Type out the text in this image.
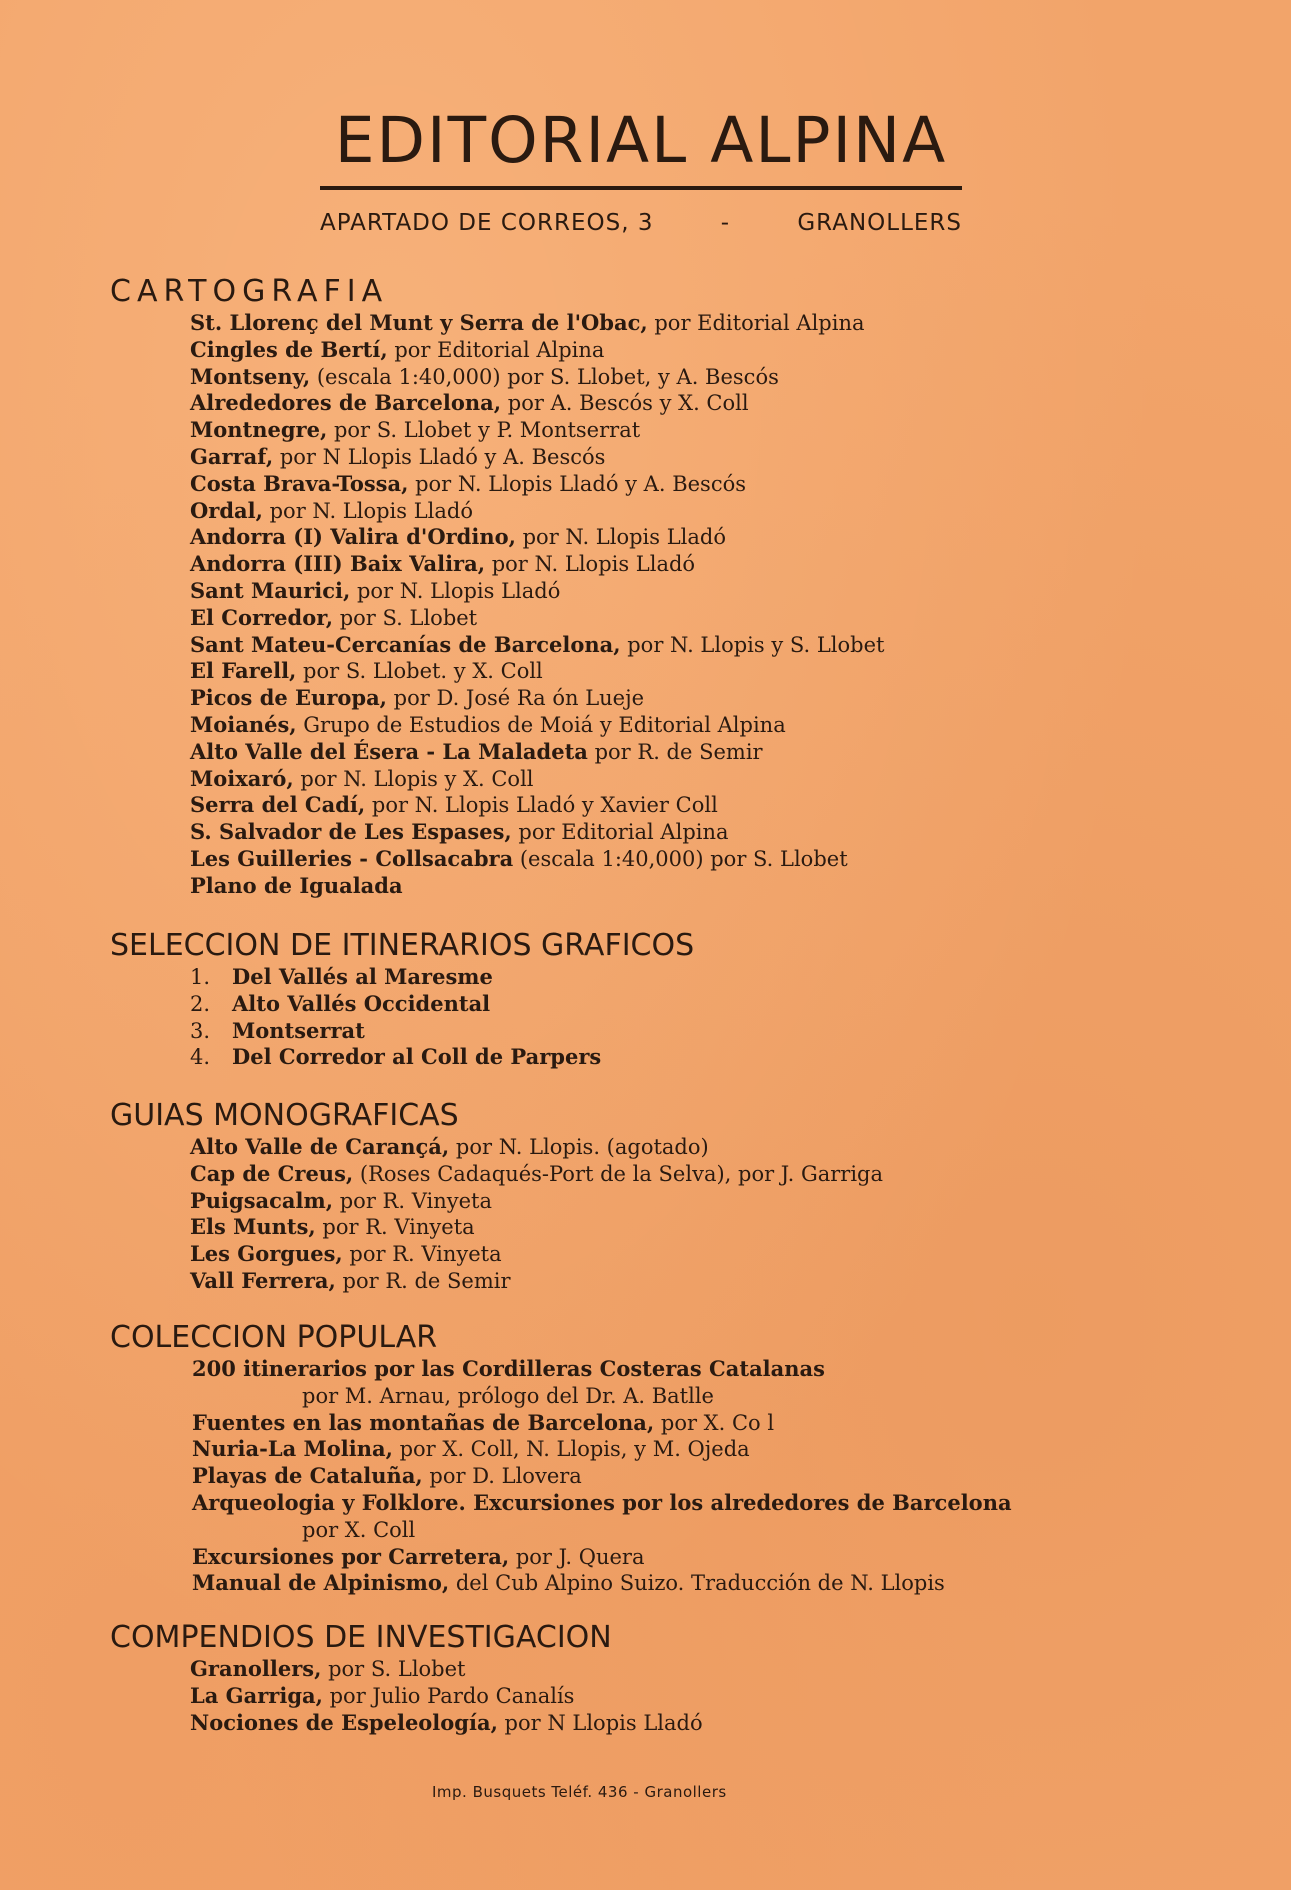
EDITORIAL ALPINA
APARTADO DE CORREOS, 3	-	GRANOLLERS
CARTOGRAFIA
St. Llorenç del Munt y Serra de l'Obac, por Editorial Alpina
Cingles de Bertí, por Editorial Alpina
Montseny, (escala 1:40,000) por S. Llobet, y A. Bescós
Alrededores de Barcelona, por A. Bescós y X. Coll
Montnegre, por S. Llobet y P. Montserrat
Garraf, por N Llopis Lladó y A. Bescós
Costa Brava-Tossa, por N. Llopis Lladó y A. Bescós
Ordal, por N. Llopis Lladó
Andorra (I) Valira d'Ordino, por N. Llopis Lladó
Andorra (III) Baix Valira, por N. Llopis Lladó
Sant Maurici, por N. Llopis Lladó
El Corredor, por S. Llobet
Sant Mateu-Cercanías de Barcelona, por N. Llopis y S. Llobet
El Farell, por S. Llobet. y X. Coll
Picos de Europa, por D. José Ra ón Lueje
Moianés, Grupo de Estudios de Moiá y Editorial Alpina
Alto Valle del Ésera - La Maladeta por R. de Semir
Moixaró, por N. Llopis y X. Coll
Serra del Cadí, por N. Llopis Lladó y Xavier Coll
S. Salvador de Les Espases, por Editorial Alpina
Les Guilleries - Collsacabra (escala 1:40,000) por S. Llobet
Plano de Igualada
SELECCION DE ITINERARIOS GRAFICOS
1. Del Vallés al Maresme
2. Alto Vallés Occidental
3. Montserrat
4. Del Corredor al Coll de Parpers
GUIAS MONOGRAFICAS
Alto Valle de Carançá, por N. Llopis. (agotado)
Cap de Creus, (Roses Cadaqués-Port de la Selva), por J. Garriga
Puigsacalm, por R. Vinyeta
Els Munts, por R. Vinyeta
Les Gorgues, por R. Vinyeta
Vall Ferrera, por R. de Semir
COLECCION POPULAR
200 itinerarios por las Cordilleras Costeras Catalanas
por M. Arnau, prólogo del Dr. A. Batlle
Fuentes en las montañas de Barcelona, por X. Co l
Nuria-La Molina, por X. Coll, N. Llopis, y M. Ojeda
Playas de Cataluña, por D. Llovera
Arqueologia y Folklore. Excursiones por los alrededores de Barcelona
por X. Coll
Excursiones por Carretera, por J. Quera
Manual de Alpinismo, del Cub Alpino Suizo. Traducción de N. Llopis
COMPENDIOS DE INVESTIGACION
Granollers, por S. Llobet
La Garriga, por Julio Pardo Canalís
Nociones de Espeleología, por N Llopis Lladó
Imp. Busquets Teléf. 436 - Granollers
